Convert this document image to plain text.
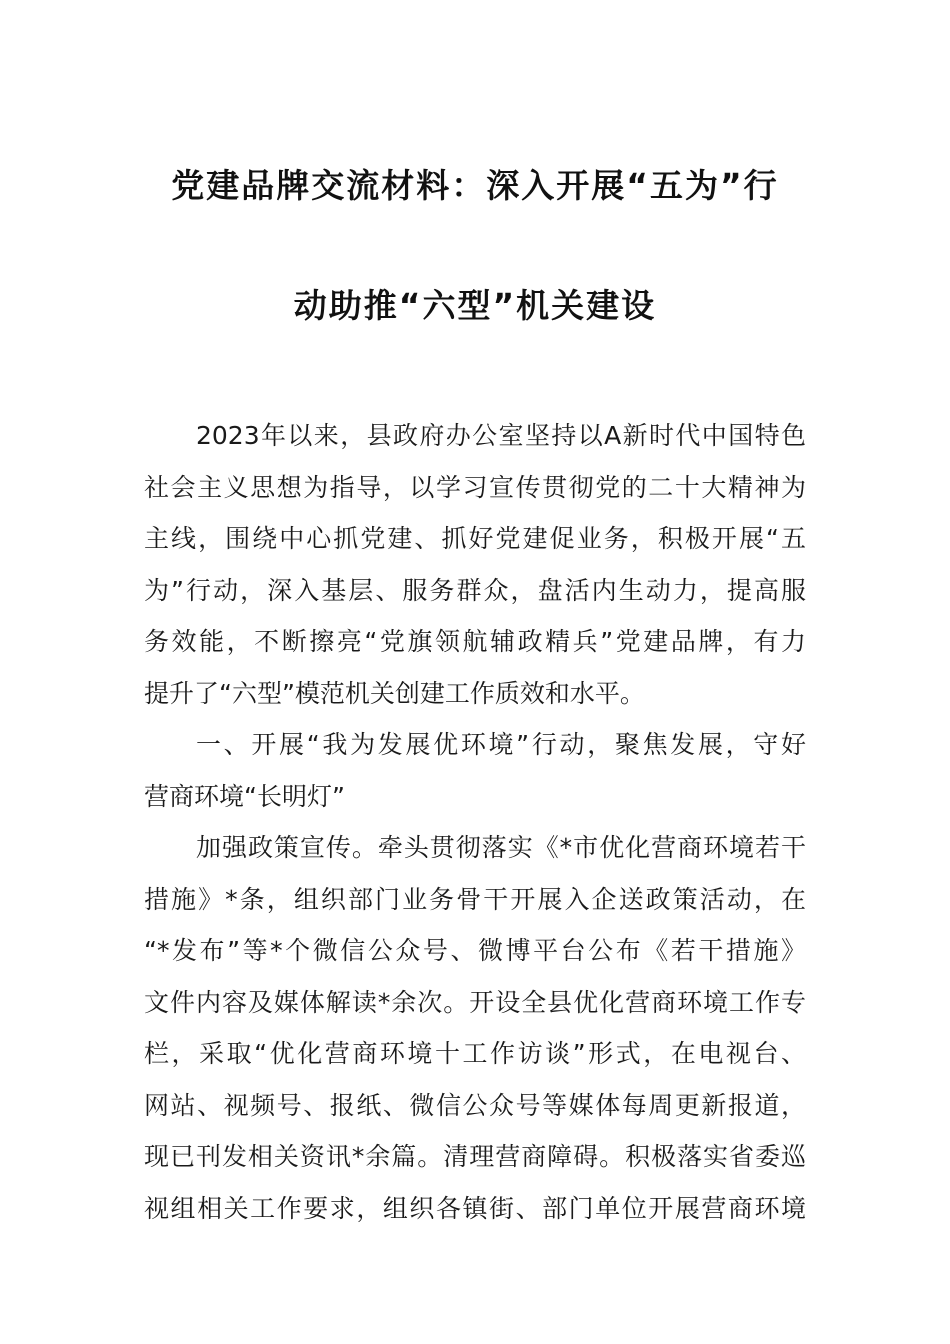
党建品牌交流材料：深入开展“五为”行
动助推“六型”机关建设
2023年以来，县政府办公室坚持以A新时代中国特色
社会主义思想为指导，以学习宣传贯彻党的二十大精神为
主线，围绕中心抓党建、抓好党建促业务，积极开展“五
为”行动，深入基层、服务群众，盘活内生动力，提高服
务效能，不断擦亮“党旗领航辅政精兵”党建品牌，有力
提升了“六型”模范机关创建工作质效和水平。
一、开展“我为发展优环境”行动，聚焦发展，守好
营商环境“长明灯”
加强政策宣传。牵头贯彻落实《*市优化营商环境若干
措施》*条，组织部门业务骨干开展入企送政策活动，在
“*发布”等*个微信公众号、微博平台公布《若干措施》
文件内容及媒体解读*余次。开设全县优化营商环境工作专
栏，采取“优化营商环境十工作访谈”形式，在电视台、
网站、视频号、报纸、微信公众号等媒体每周更新报道，
现已刊发相关资讯*余篇。清理营商障碍。积极落实省委巡
视组相关工作要求，组织各镇街、部门单位开展营商环境
